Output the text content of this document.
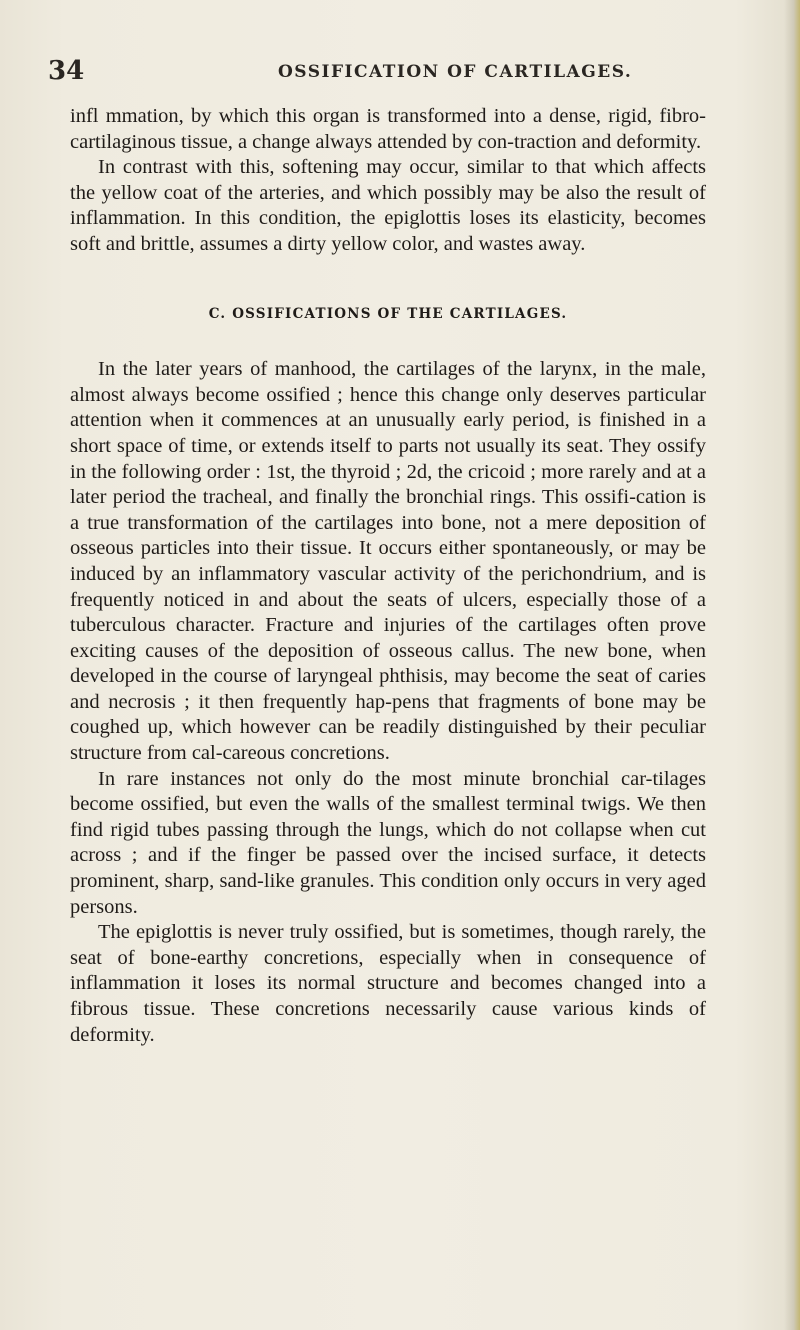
34	OSSIFICATION OF CARTILAGES.

infl mmation, by which this organ is transformed into a dense, rigid, fibro-cartilaginous tissue, a change always attended by con-traction and deformity.

In contrast with this, softening may occur, similar to that which affects the yellow coat of the arteries, and which possibly may be also the result of inflammation. In this condition, the epiglottis loses its elasticity, becomes soft and brittle, assumes a dirty yellow color, and wastes away.

C. OSSIFICATIONS OF THE CARTILAGES.

In the later years of manhood, the cartilages of the larynx, in the male, almost always become ossified ; hence this change only deserves particular attention when it commences at an unusually early period, is finished in a short space of time, or extends itself to parts not usually its seat. They ossify in the following order : 1st, the thyroid ; 2d, the cricoid ; more rarely and at a later period the tracheal, and finally the bronchial rings. This ossifi-cation is a true transformation of the cartilages into bone, not a mere deposition of osseous particles into their tissue. It occurs either spontaneously, or may be induced by an inflammatory vascular activity of the perichondrium, and is frequently noticed in and about the seats of ulcers, especially those of a tuberculous character. Fracture and injuries of the cartilages often prove exciting causes of the deposition of osseous callus. The new bone, when developed in the course of laryngeal phthisis, may become the seat of caries and necrosis ; it then frequently hap-pens that fragments of bone may be coughed up, which however can be readily distinguished by their peculiar structure from cal-careous concretions.

In rare instances not only do the most minute bronchial car-tilages become ossified, but even the walls of the smallest terminal twigs. We then find rigid tubes passing through the lungs, which do not collapse when cut across ; and if the finger be passed over the incised surface, it detects prominent, sharp, sand-like granules. This condition only occurs in very aged persons.

The epiglottis is never truly ossified, but is sometimes, though rarely, the seat of bone-earthy concretions, especially when in consequence of inflammation it loses its normal structure and becomes changed into a fibrous tissue. These concretions necessarily cause various kinds of deformity.
